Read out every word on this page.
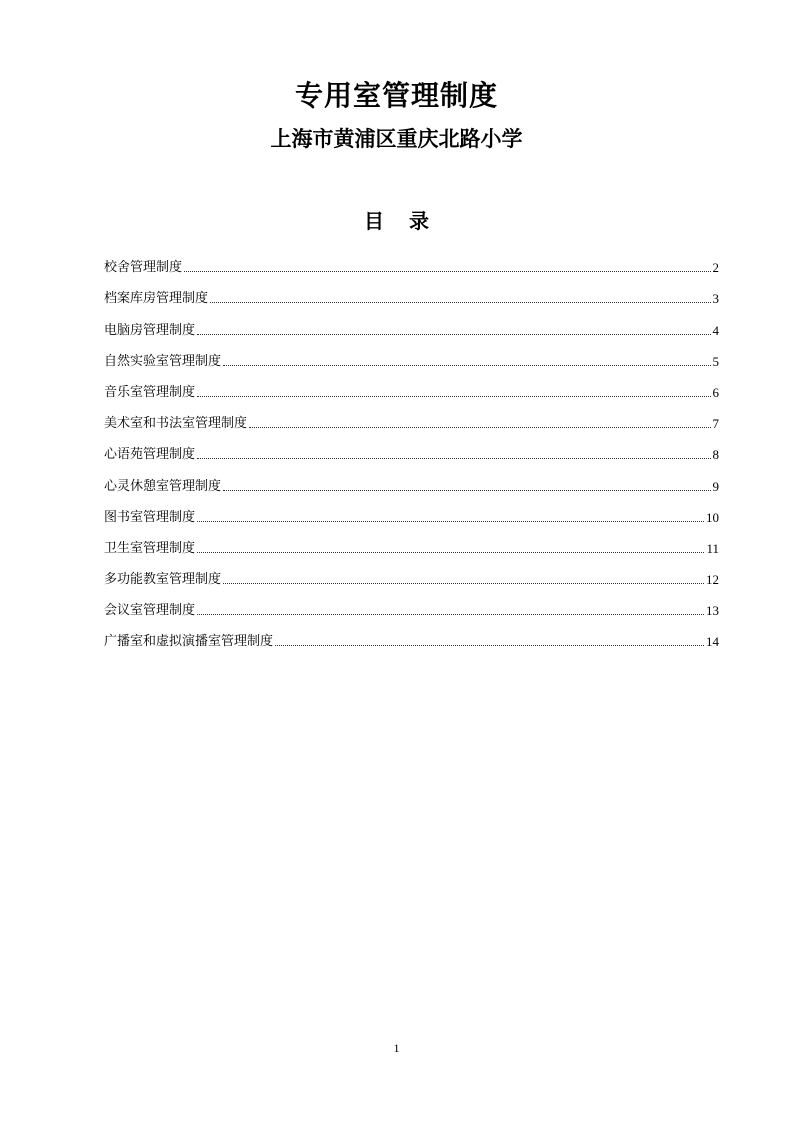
专用室管理制度
上海市黄浦区重庆北路小学
目 录
校舍管理制度	2
档案库房管理制度	3
电脑房管理制度	4
自然实验室管理制度	5
音乐室管理制度	6
美术室和书法室管理制度	7
心语苑管理制度	8
心灵休憩室管理制度	9
图书室管理制度	10
卫生室管理制度	11
多功能教室管理制度	12
会议室管理制度	13
广播室和虚拟演播室管理制度	14
1
